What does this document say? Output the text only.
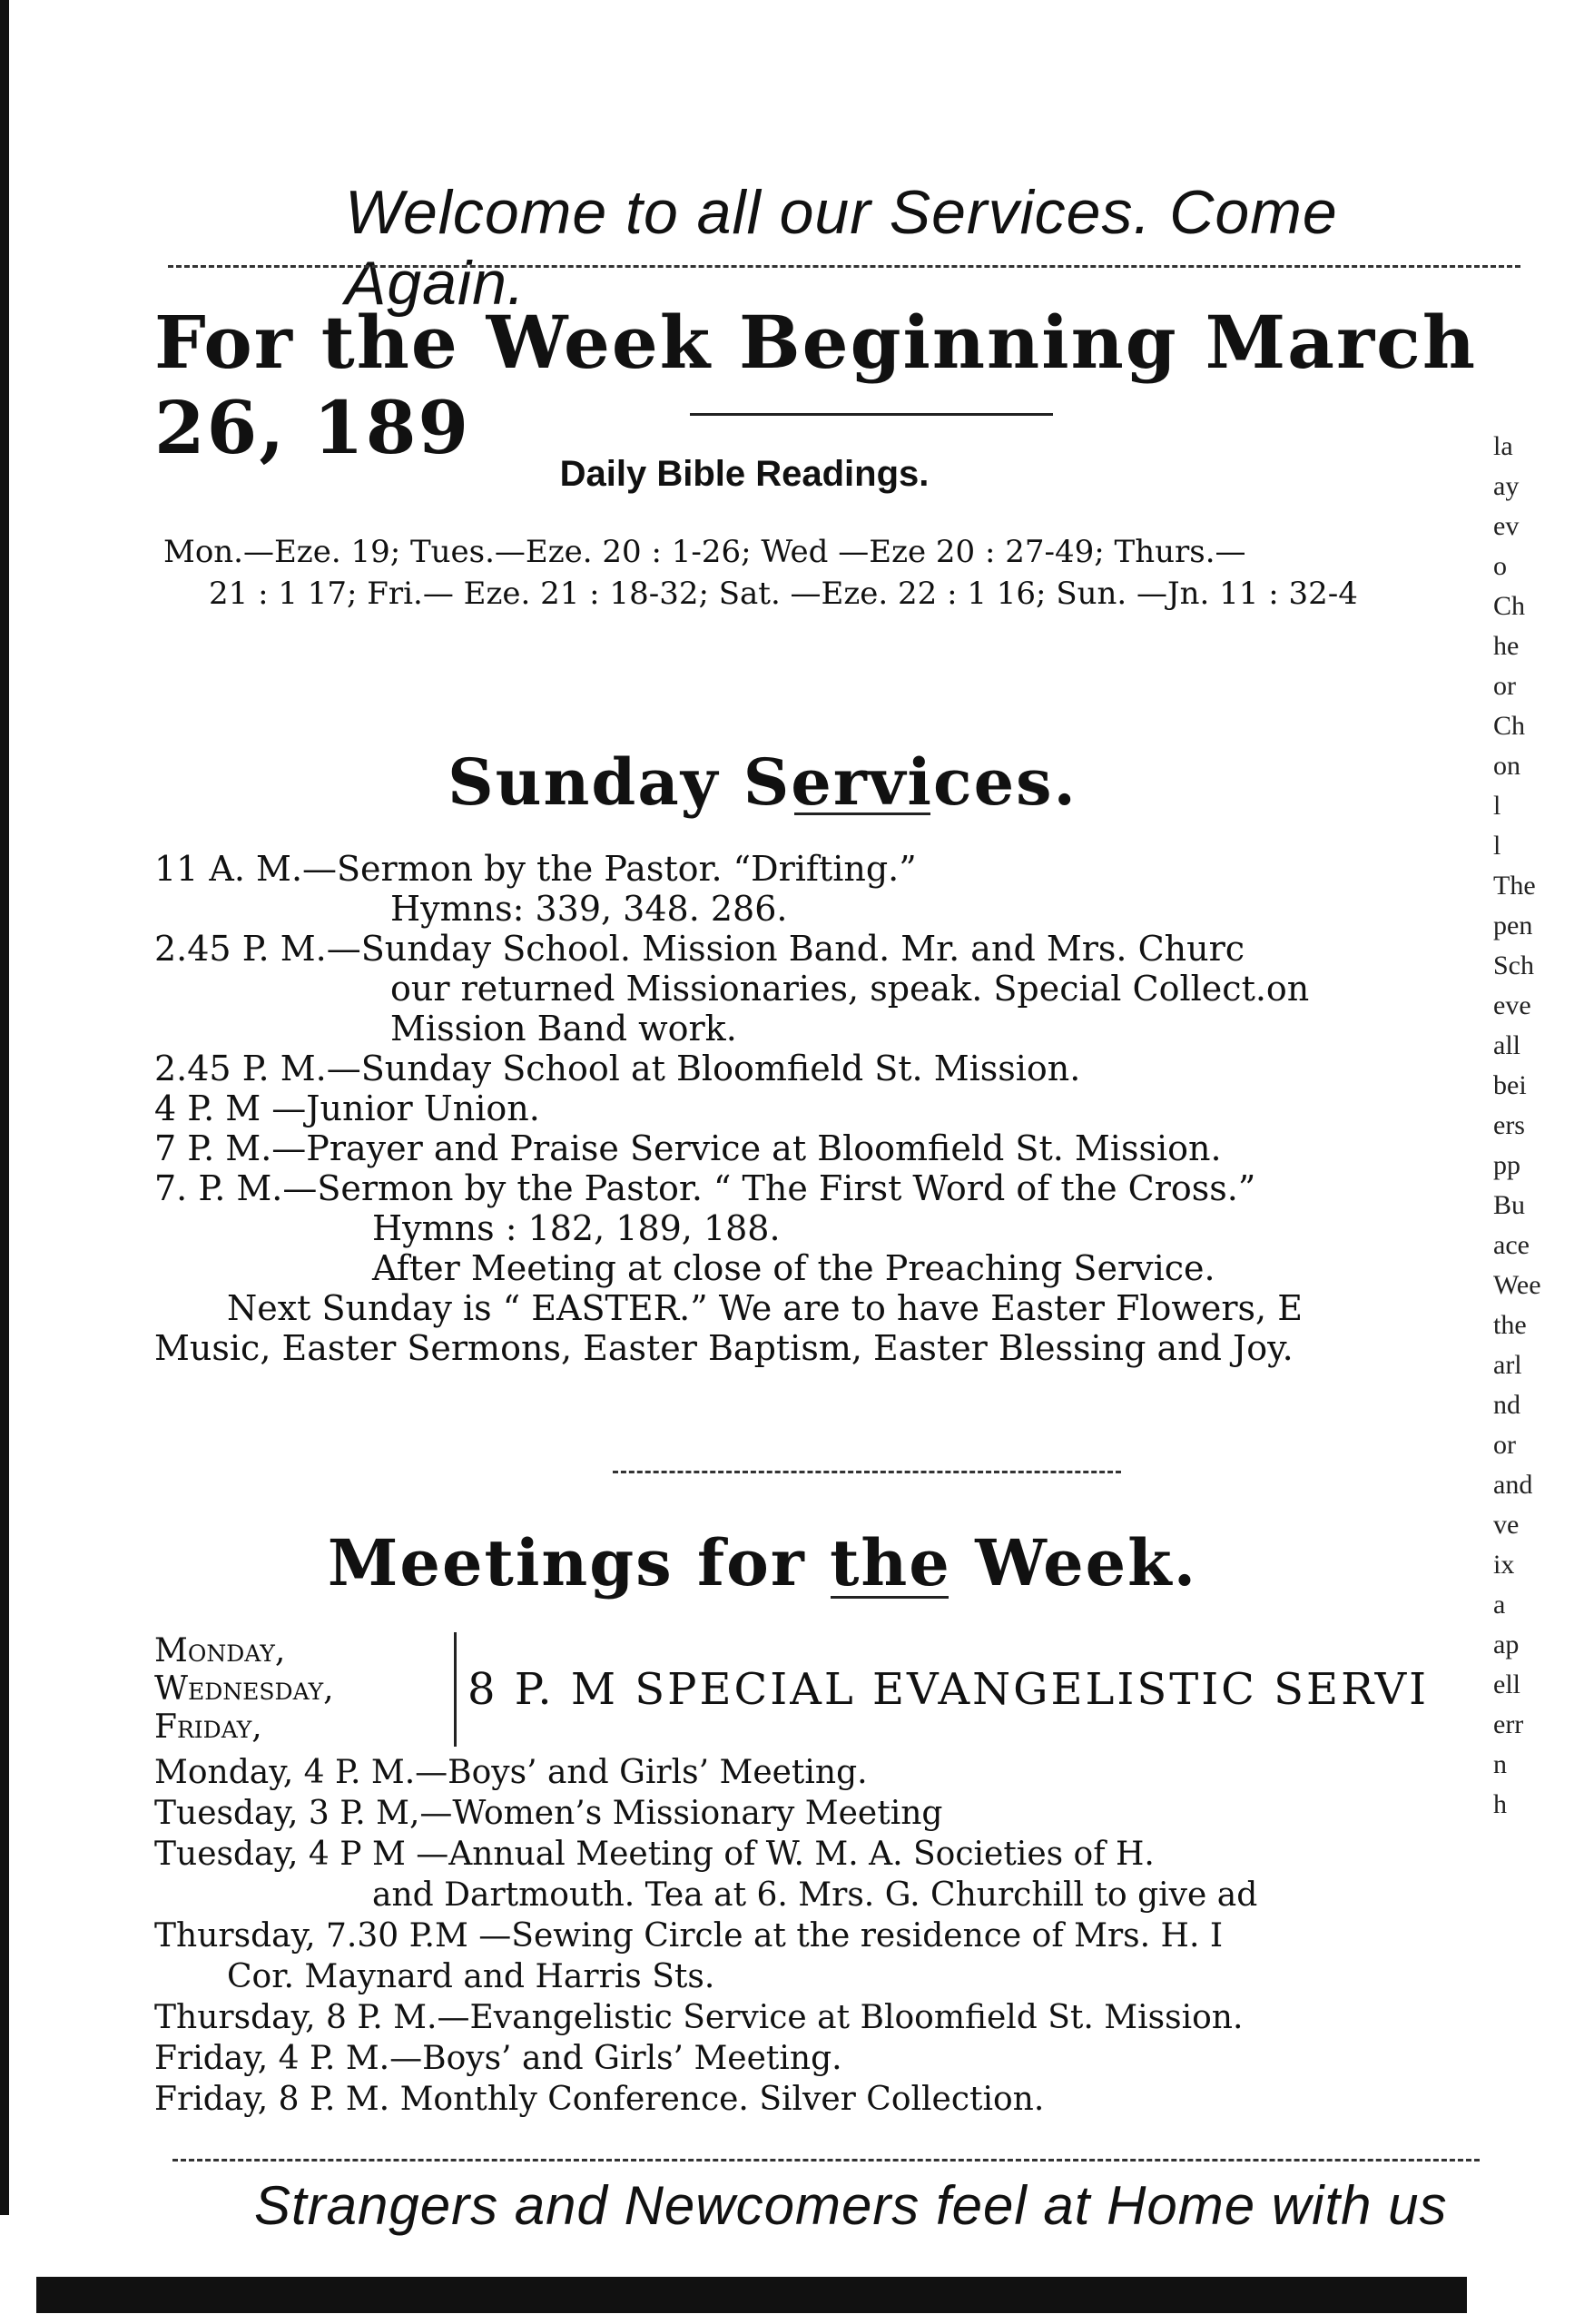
Welcome to all our Services. Come Again.
For the Week Beginning March 26, 189
Daily Bible Readings.
Mon.—Eze. 19; Tues.—Eze. 20 : 1-26; Wed —Eze 20 : 27-49; Thurs.—
21 : 1 17; Fri.— Eze. 21 : 18-32; Sat. —Eze. 22 : 1 16; Sun. —Jn. 11 : 32-4
Sunday Services.
11 A. M.—Sermon by the Pastor. “Drifting.”
Hymns: 339, 348. 286.
2.45 P. M.—Sunday School. Mission Band. Mr. and Mrs. Churc
our returned Missionaries, speak. Special Collect.on
Mission Band work.
2.45 P. M.—Sunday School at Bloomfield St. Mission.
4 P. M —Junior Union.
7 P. M.—Prayer and Praise Service at Bloomfield St. Mission.
7. P. M.—Sermon by the Pastor. “ The First Word of the Cross.”
Hymns : 182, 189, 188.
After Meeting at close of the Preaching Service.
Next Sunday is “ EASTER.” We are to have Easter Flowers, E
Music, Easter Sermons, Easter Baptism, Easter Blessing and Joy.
Meetings for the Week.
Monday,
Wednesday,
Friday,
8 P. M SPECIAL EVANGELISTIC SERVI
Monday, 4 P. M.—Boys’ and Girls’ Meeting.
Tuesday, 3 P. M,—Women’s Missionary Meeting
Tuesday, 4 P M —Annual Meeting of W. M. A. Societies of H.
and Dartmouth. Tea at 6. Mrs. G. Churchill to give ad
Thursday, 7.30 P.M —Sewing Circle at the residence of Mrs. H. I
Cor. Maynard and Harris Sts.
Thursday, 8 P. M.—Evangelistic Service at Bloomfield St. Mission.
Friday, 4 P. M.—Boys’ and Girls’ Meeting.
Friday, 8 P. M. Monthly Conference. Silver Collection.
Strangers and Newcomers feel at Home with us
la
ay
ev
o
Ch
he
or
Ch
on
l
l
The
pen
Sch
eve
all
bei
ers
pp
Bu
ace
Wee
the
arl
nd
or
and
ve
ix
a
ap
ell
err
n
h
